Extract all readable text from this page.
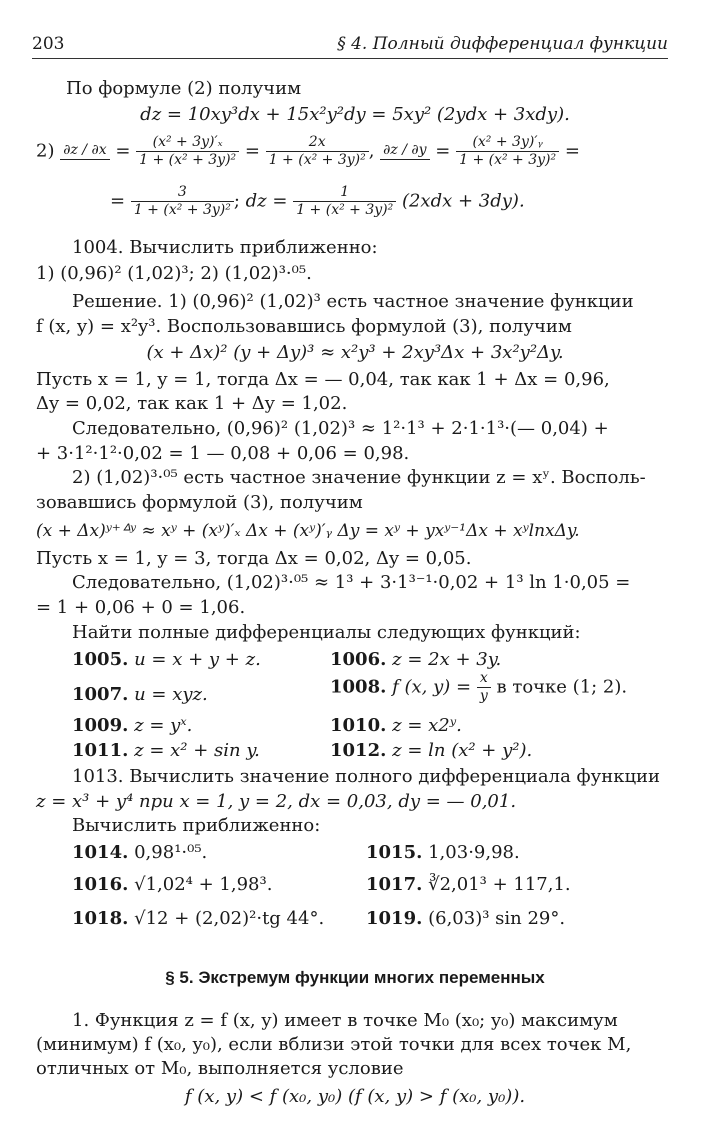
203	§ 4. Полный дифференциал функции
По формуле (2) получим
dz = 10xy³dx + 15x²y²dy = 5xy² (2ydx + 3xdy).
2) $\partial z / \partial x = \frac{\text{(x² + 3y)′ₓ}}{\text{1 + (x² + 3y)²}} = \frac{2x}{\text{1 + (x² + 3y)²}}$ , $\partial z / \partial y = \frac{\text{(x² + 3y)′ᵧ}}{\text{1 + (x² + 3y)²}}$ =
= $\frac{3}{\text{1 + (x² + 3y)²}}$ ; dz = $\frac{1}{\text{1 + (x² + 3y)²}} (2xdx + 3dy)$.
1004. Вычислить приближенно:
1) (0,96)² (1,02)³; 2) (1,02)³·⁰⁵.
Решение. 1) (0,96)² (1,02)³ есть частное значение функции
f (x, y) = x²y³. Воспользовавшись формулой (3), получим
(x + Δx)² (y + Δy)³ ≈ x²y³ + 2xy³Δx + 3x²y²Δy.
Пусть x = 1, y = 1, тогда Δx = — 0,04, так как 1 + Δx = 0,96,
Δy = 0,02, так как 1 + Δy = 1,02.
Следовательно, (0,96)² (1,02)³ ≈ 1²·1³ + 2·1·1³·(— 0,04) +
+ 3·1²·1²·0,02 = 1 — 0,08 + 0,06 = 0,98.
2) (1,02)³·⁰⁵ есть частное значение функции z = xʸ. Восполь-
зовавшись формулой (3), получим
(x + Δx)ʸ⁺ᐞʸ ≈ xʸ + (xʸ)′ₓ Δx + (xʸ)′ᵧ Δy = xʸ + yxʸ⁻¹Δx + xʸlnxΔy.
Пусть x = 1, y = 3, тогда Δx = 0,02, Δy = 0,05.
Следовательно, (1,02)³·⁰⁵ ≈ 1³ + 3·1³⁻¹·0,02 + 1³ ln 1·0,05 =
= 1 + 0,06 + 0 = 1,06.
Найти полные дифференциалы следующих функций:
1005. u = x + y + z.	1006. z = 2x + 3y.
1007. u = xyz.	1008. f (x, $y) = \frac{x}{y}$ в точке (1; 2).
1009. z = yˣ.	1010. z = x2ʸ.
1011. z = x² + sin y.	1012. z = ln (x² + y²).
1013. Вычислить значение полного дифференциала функции
z = x³ + y⁴ при x = 1, y = 2, dx = 0,03, dy = — 0,01.
Вычислить приближенно:
1014. 0,98¹·⁰⁵.	1015. 1,03·9,98.
1016. √1,02⁴ + 1,98³.	1017. ∛2,01³ + 117,1.
1018. √12 + (2,02)²·tg 44°. 1019. (6,03)³ sin 29°.
§ 5. Экстремум функции многих переменных
1. Функция z = f (x, y) имеет в точке M₀ (x₀; y₀) максимум
(минимум) f (x₀, y₀), если вблизи этой точки для всех точек M,
отличных от M₀, выполняется условие
f (x, y) < f (x₀, y₀) (f (x, y) > f (x₀, y₀)).
